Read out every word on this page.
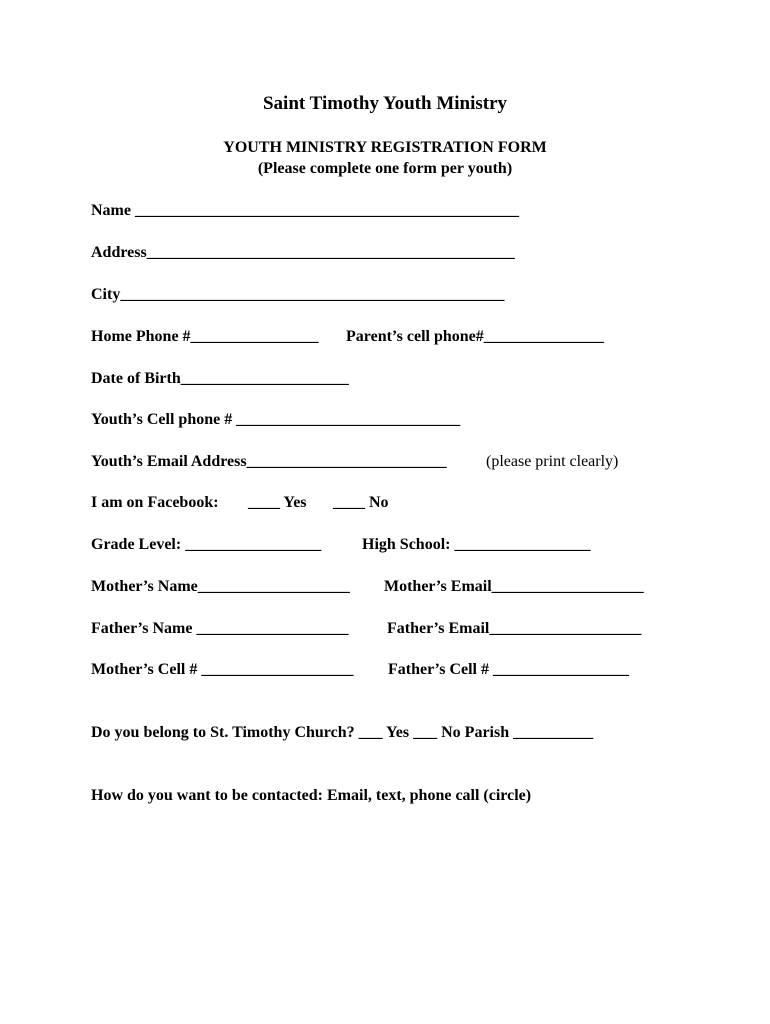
Saint Timothy Youth Ministry
YOUTH MINISTRY REGISTRATION FORM
(Please complete one form per youth)
Name ________________________________________________
Address______________________________________________
City________________________________________________
Home Phone #________________ Parent’s cell phone#_______________
Date of Birth_____________________
Youth’s Cell phone # ____________________________
Youth’s Email Address_________________________ (please print clearly)
I am on Facebook: ____ Yes ____ No
Grade Level: _________________	High School: _________________
Mother’s Name___________________ Mother’s Email___________________
Father’s Name ___________________ Father’s Email___________________
Mother’s Cell # ___________________ Father’s Cell # _________________
Do you belong to St. Timothy Church? ___ Yes ___ No Parish __________
How do you want to be contacted: Email, text, phone call (circle)
